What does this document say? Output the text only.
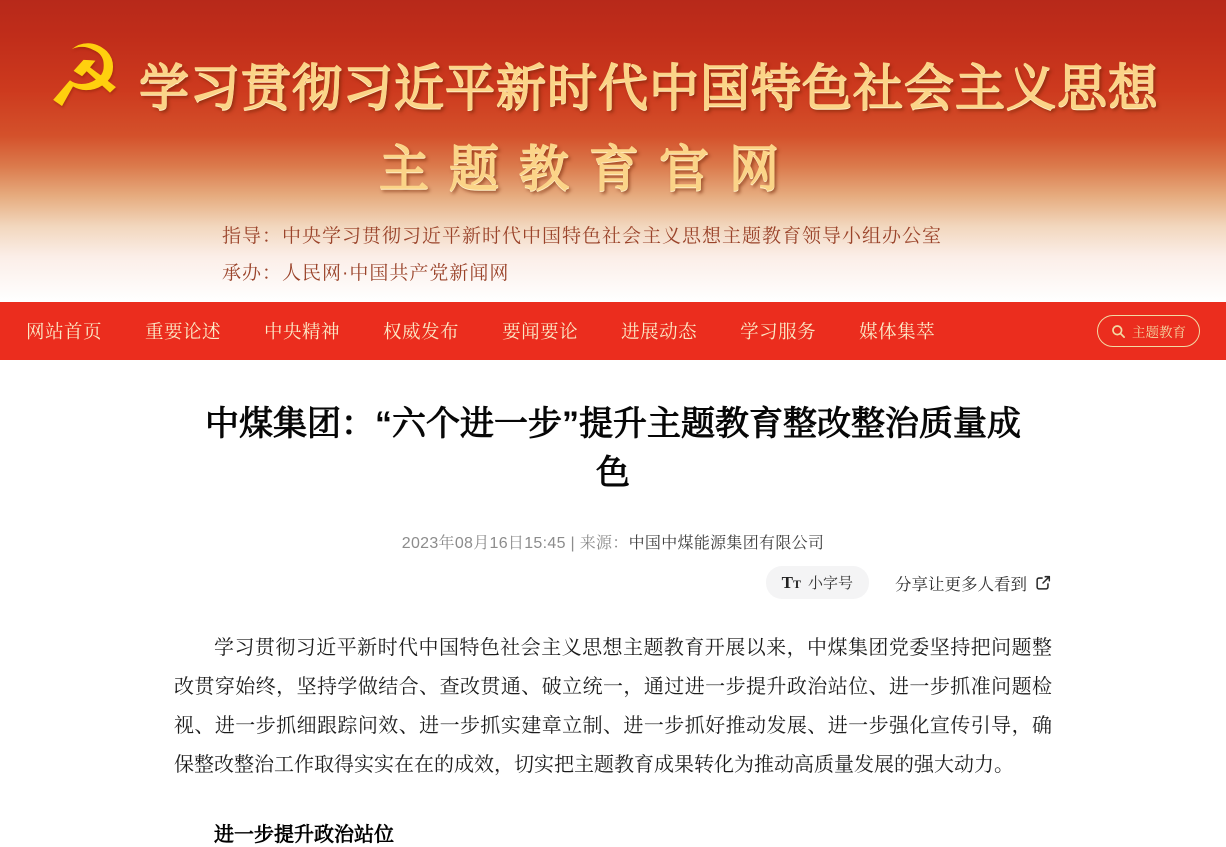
☭ 学习贯彻习近平新时代中国特色社会主义思想
主题教育官网
指导：中央学习贯彻习近平新时代中国特色社会主义思想主题教育领导小组办公室
承办：人民网·中国共产党新闻网
网站首页 重要论述 中央精神 权威发布 要闻要论 进展动态 学习服务 媒体集萃	主题教育
中煤集团：“六个进一步”提升主题教育整改整治质量成色
2023年08月16日15:45 | 来源：中国中煤能源集团有限公司
TT 小字号	分享让更多人看到

学习贯彻习近平新时代中国特色社会主义思想主题教育开展以来，中煤集团党委坚持把问题整改贯穿始终，坚持学做结合、查改贯通、破立统一，通过进一步提升政治站位、进一步抓准问题检视、进一步抓细跟踪问效、进一步抓实建章立制、进一步抓好推动发展、进一步强化宣传引导，确保整改整治工作取得实实在在的成效，切实把主题教育成果转化为推动高质量发展的强大动力。

进一步提升政治站位
